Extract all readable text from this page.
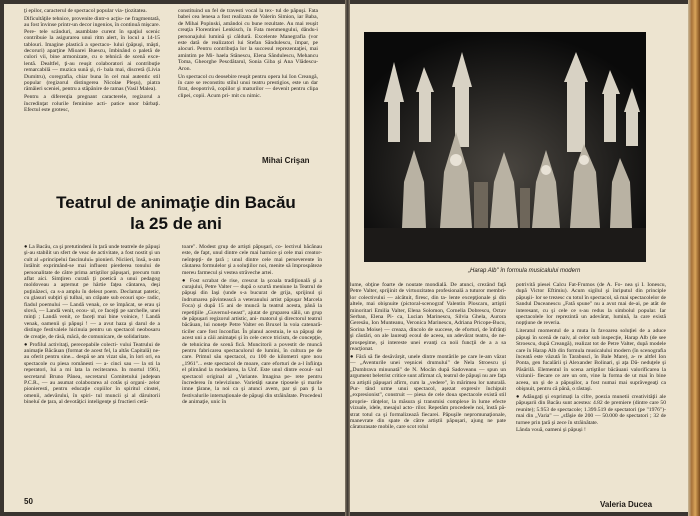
ţi epilor, caracterul de spectacol popular via- ţiozitatea.

Dificultăţile tehnice, provenite dintr-o acţiu- ne fragmentată, au fost învinse printr-un decor ingenios, în continuă mişcare. Pere- tele scânduri, asamblate curent în spaţiul scenic contribuie la asigurarea unui ritm alert, în locul a 14-15 tablouri. Imagine plastică a spectaco- lului (păpuşi, măşti, decoruri) aparţine Mioarei Buescu, îmbinând o paletă de culori vii, bine armonizate, cu o tehnică de scenă exce- lentă. Dealtfel, ţi-au reuşit colaboratori ai contribuţie remarcabilă — muzica sună şi, ri- bala mai, discretă (Livia Dumitru), coregrafia, chiar buna în cel mai autentic stil popular (regizorul distingerea Nicolae Pleşu), piatra rămâieri sceniei, pentru a stăpânire de ramas (Vasil Malea).

Pentru a diferenţia pregnant caracterele, regizorul a încredinţat rolurile feminine acti- patice unor bărbaţi. Efectul este grotesc,

constituind un fel de travesti vocal la tex- tul de păpuşi. Fata babei cea lenesa a fost realizata de Valerin Simion, iar Baba, de Mihai Popinski, amândoi cu bune rezultate. Au mai reuşit creaţia Florentinei Lenkisch, în Fata menmengului, dându-i personajului lumină şi căldură. Excelente Manegrafia (vor este dată de realizatori lui Stefan Săndulescu, împar, pe alocuri. Pentru contribuţia lor la succesul reprezentaţiei, mai amintim pe Mi- haela Stănescu, Elena Săndulescu, Mehancu Toma, Gheorghe Pescdătarul, Sonia Giba şi Ana Vlădescu-Aron.

Un spectacol cu deosebire reuşit pentru opera lui Ion Creangă, în care se reconstitu stilul unui teatru prestigios, este un dar firat, deopotrivă, copiilor şi maturilor — devenit pentru clipa clipei, copii. Acum pri- mit cu nimic.

Mihai Crişan
Teatrul de animaţie din Bacău
la 25 de ani

● La Bacău, ca şi pretutindeni în ţară unde teatrele de păpuşi şi-au stabilit un sfert de veac de activitate, a fost nostit şi un cult al «principelui fascinului» pionieri. Niciieri, însă, n-am întâlnit exprimând-se mai influent pierderea tonului de personalitate de către prima artiştilor păpuşari, precum tum aflat aici. Simţiren curată ţi poetică a unui pedagog moldoveau a aşternut pe hârtie faţea cântarea, deşi puţinăzeci, ca s-a amplu în deleut poem. Declamat patetic, cu glasuri subţiri şi tulbai, un crăpate sub ecouri spo- radic, fiadul poemului — Landă venak, ce se împăcat, se erau şi slovă, — Landă venit, ecou- ul, ce facejţi pe sarchelle, unei minţi ; Landă venit, ce faceţi mai bine voinice, ! Landă venak, oamenii şi păpuşi ! — a avut haza şi darul de a distinge festivalele hicinuia pentru un spectacol neobosaru de creaţie, de râsă, măcă, de comunicare, de solidaritate.

● Profilul activitaţi, perecepabile colecti- vului Teatrului de animaţie Băcăuan (format de acest fel, la altăs Capitală) ne-au oferit pentru sine... despă se am vizat său, în lori ori, ea spectacole cu piesa românesti — a- cinci sau — la sti la reperatori, lui a mi lata la reciterarea. In mortul 1961, secretarul Bruno Pânea, secretarul Comitetului judeţean P.C.R., — au asumat colaborarea al cotăs şi organi- zelor pionieresti, pentru educaţie copiilor în spiritul cinstei, omenii, adevărului, în spiri- tul muncii şi al dăruitorii bineluï de ţara, al devotăţici inteligenţe şi fructieri cetă-

toare". Modest grup de artişti păpuşari, co- lectivul băcănau este, de fapt, unul dintre cele mai harnice şi cele mai creator-neînţepţi- de ţară ; unul dintre cele mai perseverente în căutarea formulelor şi a soluţiilor noi, menite să împrospăteze mereu farmecul și vestea străveche artei.

● Fost scrabat de rise, crescut la şcoala tradiţională şi a curajului, Petre Valter — după o scurtă meniune la Teatrul de păpuşi din Iaşi (unde s-a bucurat de grija, sprijinul şi îndrumarea păvintească a veteranului artist păpuşar Marcela Foca) şi după 15 ani de muncă la teatrul acesta, până la repetiţiile „Guvernul-neast", ajutat de gruparea sălii, un grup de păpuşari regizorul artistic, ani- matorul şi directorul teatrul băcăuan, lui noneţe Petre Valter en Bruxel la voia catenară- ticiler care fost înconfiat. În planul acestuia, le sa păpuşi de acest uni a căii animaţei şi în cele cerce tricism, de concepţie, de tehnicina de scenă fică. Muncitorii a povestit de muncă pentru fabricarea spectaculorul de lumini, în cultura pe de care. Primul său spectacol, cu 100 de kilometri spre nou „1961"... este spectacol de moare, care eforturi de a-l înfiinţa el plimând la modelarea, la Unf. Este unul dintre ecoul- sul spectacol original al „Variante. Imagina pe- rete pentru încrederea în televiziune. Varietăţi saune tiposele şi marile imne ţărane, la noi ca şi atunci avem, par și pan ţi la festivalurile internaţionale de păpuşi din străinătate. Procedeul de animaţie, unic în

50
„Harap Alb" în formula musicalului modern

lume, obţine foarte de noutate mondială. De atunci, crezând faţă Petre Valter, sprijinit de virtuozitatea profesională a tuturor membri- lor colectivului — alcătuit, firesc, din ta- lente excepţionale şi din altele, mai obişnuite (pictoral-scenograf Valentin Ploscaru, artiştii minoritari Emilia Valter, Elena Solomon, Cornelia Dobrescu, Octav Serban, Elena Pi- ca, Lucian Marinescu, Silvia Ghela, Aurora Geresâu, Ion Munteanu, Veronica Marinescu, Adriana Pricope-Bucu, Sorina Moise) — creaza, dincolo de succese, de eforturi, de înfrânţi şi căutări, on ale laureaţi ecoul de aceea, un adevărat teatru, de ne- prospeşime, şi intereste unei evanţi ca noii funcţii de a a sa reacţionat.

● Fără să fie desăvârşit, unele dintre montările pe care le-am văzut — „Aventurile unei veşnicei drumului" de Nela Stroescu şi „Dumbrava minunată" de N. Mocân după Sadoveanu — spun un argument beletrist critice sunt afirmat câ, teatrul de păpuşi nu are faţa ca artiştii păpuşari afirm, cum la „vedere", în mărimea lor naturală. Pur- tând urme unui spectacol, aşezat expresiv închipuit „expresionist", construit — piesa de cele doua spectacole există stil proprie- rânţelor, la măsura şi transmisi complexe în lume efecte vizuale, idele, mesajul acto- rilor. Repetăm procedeele noi, înstă pă- strat totul ca şi formalizează fiecarei. Păpuşile nepromunaţionale, manevrate din spate de către artiştii păpuşari, ajung ne pate căraturasate mobile, care scot rolul

potrivită piesei Calcu Fat-Frumos (de A. Fo- nea şi I. Ionescu, după Victor Eftimiu). Acum sigilul şi înriputul din principle păpuşii- lor se trezesc cu totul în spectacol, să mai spectacolelor de Sandul Duceanescu „Fată spune" nu a avut mai de-ai, pe atât de interesant, cu şi cele ce s-au redus la simbolul popular. Iar spectacolele lor reprezintă un adevărat, lumină, la care există nopţiune de reveria.

Literatul momentul de a muta în favoarea soluţiei de a aduce păpuşi în scenă de naiv, al celor sub inspecţie, Harap Alb (de see Stroescu, după Creangă), realizat tot de Petre Valter, după modele care în Harap Alb din formula musicalului modern (în scenografia înceată este văzută în Tarabusci, în Bale Mare), a- re altfel Ion Ponta, gen fucalării şi Alexander Bolinari, şi aţa Dă- neduţele şi Păsărilă. Elementul în scena artiştilor băcăuani valorificarea la viziunii- fiecare ce are un om, vine la forma de ut mai în bine aceea, un şi de a păpuşilor, a fost numai mai suprăvegeaţi ca obişnuit, pentru că până, o răstaşi.

● Adăugaţi şi exprimaţi la cifre, poezia munetii creativităţii ale păpuşarii din Bacău sunt acestea: 4.82 de premiere (dintre care 50 reunite); 5.953 de spectacole; 1.399.519 de spectatori (pe "1976")-mai din „Varia" — „sfâşie de 200 — 50.000 de spectatori ; 32 de turnee prin ţară şi zece în străinătate.

Lânda vouă, oameni şi păpuşi !

Valeria Ducea
